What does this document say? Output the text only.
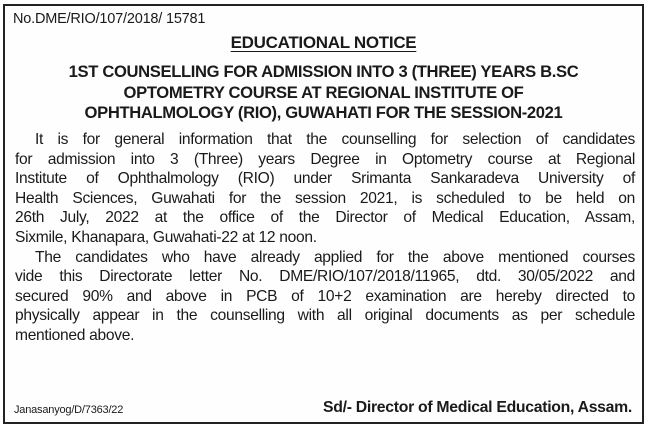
No.DME/RIO/107/2018/ 15781
EDUCATIONAL NOTICE
1ST COUNSELLING FOR ADMISSION INTO 3 (THREE) YEARS B.SC
OPTOMETRY COURSE AT REGIONAL INSTITUTE OF
OPHTHALMOLOGY (RIO), GUWAHATI FOR THE SESSION-2021
It is for general information that the counselling for selection of candidates
for admission into 3 (Three) years Degree in Optometry course at Regional
Institute of Ophthalmology (RIO) under Srimanta Sankaradeva University of
Health Sciences, Guwahati for the session 2021, is scheduled to be held on
26th July, 2022 at the office of the Director of Medical Education, Assam,
Sixmile, Khanapara, Guwahati-22 at 12 noon.
The candidates who have already applied for the above mentioned courses
vide this Directorate letter No. DME/RIO/107/2018/11965, dtd. 30/05/2022 and
secured 90% and above in PCB of 10+2 examination are hereby directed to
physically appear in the counselling with all original documents as per schedule
mentioned above.
Janasanyog/D/7363/22	Sd/- Director of Medical Education, Assam.
